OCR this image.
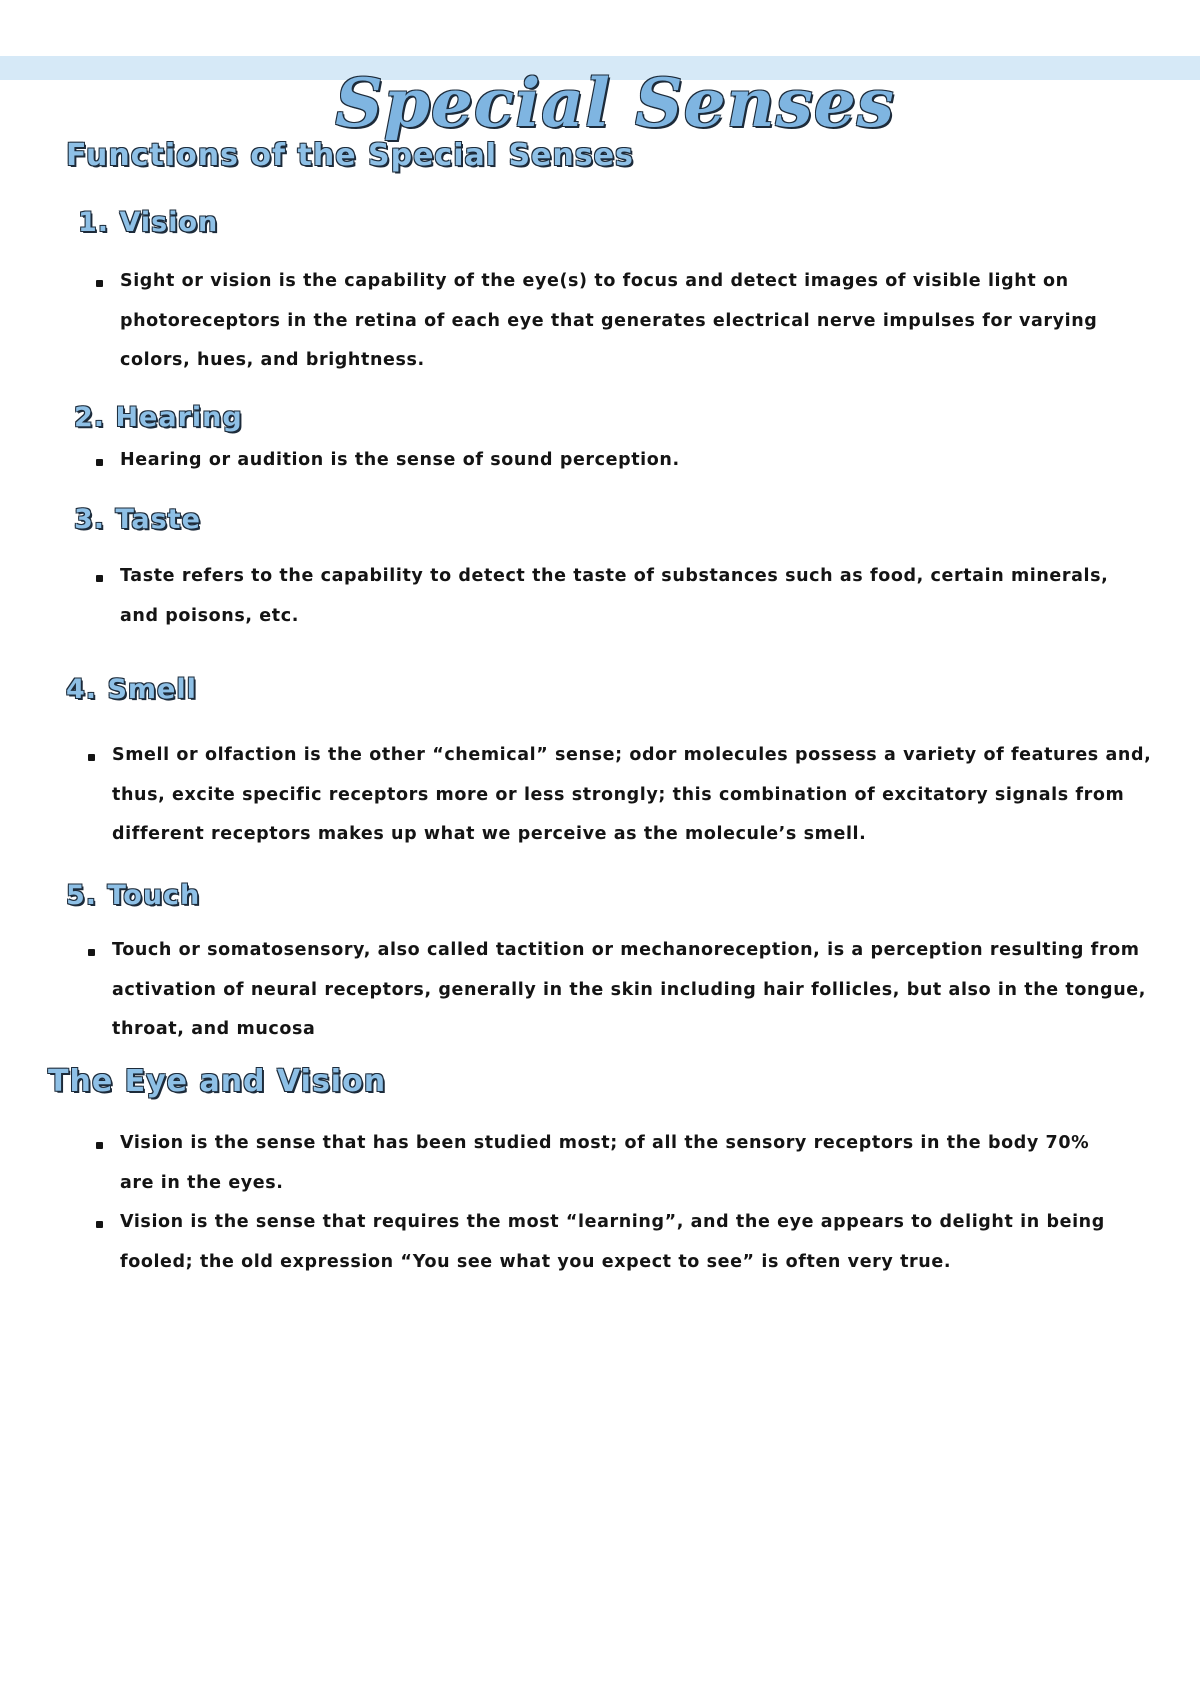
Special Senses
Functions of the Special Senses
1. Vision
Sight or vision is the capability of the eye(s) to focus and detect images of visible light on photoreceptors in the retina of each eye that generates electrical nerve impulses for varying colors, hues, and brightness.
2. Hearing
Hearing or audition is the sense of sound perception.
3. Taste
Taste refers to the capability to detect the taste of substances such as food, certain minerals, and poisons, etc.
4. Smell
Smell or olfaction is the other “chemical” sense; odor molecules possess a variety of features and, thus, excite specific receptors more or less strongly; this combination of excitatory signals from different receptors makes up what we perceive as the molecule’s smell.
5. Touch
Touch or somatosensory, also called tactition or mechanoreception, is a perception resulting from activation of neural receptors, generally in the skin including hair follicles, but also in the tongue, throat, and mucosa
The Eye and Vision
Vision is the sense that has been studied most; of all the sensory receptors in the body 70% are in the eyes.
Vision is the sense that requires the most “learning”, and the eye appears to delight in being fooled; the old expression “You see what you expect to see” is often very true.
